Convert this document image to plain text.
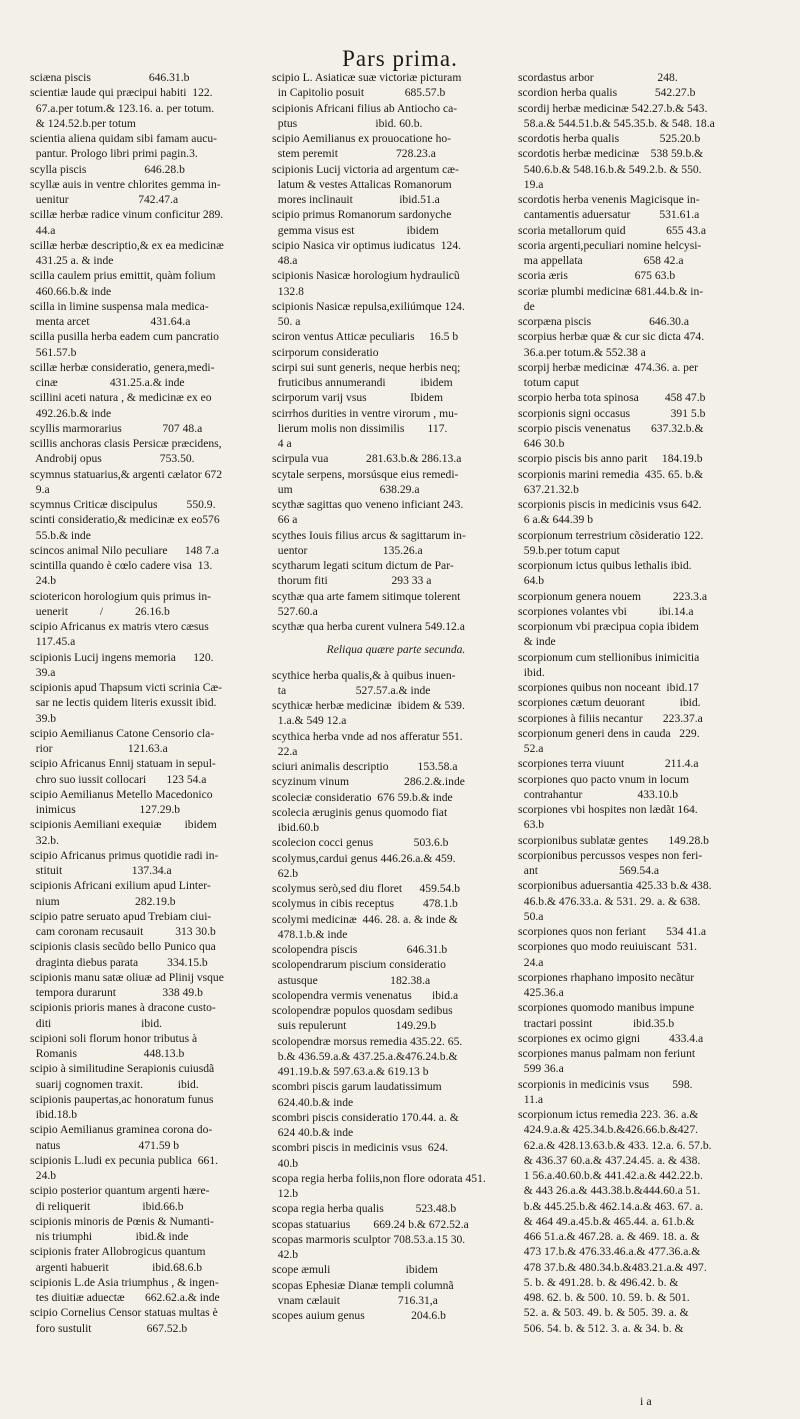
Pars prima.
sciæna piscis                    646.31.b
scientiæ laude qui præcipui habiti  122.
67.a.per totum.& 123.16. a. per totum.
& 124.52.b.per totum
scientia aliena quidam sibi famam aucu-
pantur. Prologo libri primi pagin.3.
scylla piscis                    646.28.b
scyllæ auis in ventre chlorites gemma in-
uenitur                        742.47.a
scillæ herbæ radice vinum conficitur 289.
44.a
scillæ herbæ descriptio,& ex ea medicinæ
431.25 a. & inde
scilla caulem prius emittit, quàm folium
460.66.b.& inde
scilla in limine suspensa mala medica-
menta arcet                     431.64.a
scilla pusilla herba eadem cum pancratio
561.57.b
scillæ herbæ consideratio, genera,medi-
cinæ                  431.25.a.& inde
scillini aceti natura , & medicinæ ex eo
492.26.b.& inde
scyllis marmorarius              707 48.a
scillis anchoras clasis Persicæ præcidens,
Androbij opus                    753.50.
scymnus statuarius,& argenti cælator 672
9.a
scymnus Criticæ discipulus          550.9.
scinti consideratio,& medicinæ ex eo576
55.b.& inde
scincos animal Nilo peculiare      148 7.a
scintilla quando è cœlo cadere visa  13.
24.b
sciotericon horologium quis primus in-
uenerit           /           26.16.b
scipio Africanus ex matris vtero cæsus
117.45.a
scipionis Lucij ingens memoria      120.
39.a
scipionis apud Thapsum victi scrinia Cæ-
sar ne lectis quidem literis exussit ibid.
39.b
scipio Aemilianus Catone Censorio cla-
rior                          121.63.a
scipio Africanus Ennij statuam in sepul-
chro suo iussit collocari       123 54.a
scipio Aemilianus Metello Macedonico
inimicus                      127.29.b
scipionis Aemiliani exequiæ        ibidem
32.b.
scipio Africanus primus quotidie radi in-
stituit                        137.34.a
scipionis Africani exilium apud Linter-
nium                          282.19.b
scipio patre seruato apud Trebiam ciui-
cam coronam recusauit           313 30.b
scipionis clasis secũdo bello Punico qua
draginta diebus parata          334.15.b
scipionis manu satæ oliuæ ad Plinij vsque
tempora durarunt                338 49.b
scipionis prioris manes à dracone custo-
diti                               ibid.
scipioni soli florum honor tributus à
Romanis                       448.13.b
scipio à similitudine Serapionis cuiusdã
suarij cognomen traxit.            ibid.
scipionis paupertas,ac honoratum funus
ibid.18.b
scipio Aemilianus graminea corona do-
natus                           471.59 b
scipionis L.ludi ex pecunia publica  661.
24.b
scipio posterior quantum argenti hære-
di reliquerit                  ibid.66.b
scipionis minoris de Pœnis & Numanti-
nis triumphi               ibid.& inde
scipionis frater Allobrogicus quantum
argenti habuerit               ibid.68.6.b
scipionis L.de Asia triumphus , & ingen-
tes diuitiæ aduectæ       662.62.a.& inde
scipio Cornelius Censor statuas multas è
foro sustulit                   667.52.b
scipio L. Asiaticæ suæ victoriæ picturam
in Capitolio posuit              685.57.b
scipionis Africani filius ab Antiocho ca-
ptus                           ibid. 60.b.
scipio Aemilianus ex prouocatione ho-
stem peremit                    728.23.a
scipionis Lucij victoria ad argentum cæ-
latum & vestes Attalicas Romanorum
mores inclinauit                ibid.51.a
scipio primus Romanorum sardonyche
gemma visus est                  ibidem
scipio Nasica vir optimus iudicatus  124.
48.a
scipionis Nasicæ horologium hydraulicũ
132.8
scipionis Nasicæ repulsa,exiliúmque 124.
50. a
sciron ventus Atticæ peculiaris     16.5 b
scirporum consideratio
scirpi sui sunt generis, neque herbis neq;
fruticibus annumerandi            ibidem
scirporum varij vsus               Ibidem
scirrhos durities in ventre virorum , mu-
lierum molis non dissimilis        117.
4 a
scirpula vua             281.63.b.& 286.13.a
scytale serpens, morsúsque eius remedi-
um                              638.29.a
scythæ sagittas quo veneno inficiant 243.
66 a
scythes Iouis filius arcus & sagittarum in-
uentor                          135.26.a
scytharum legati scitum dictum de Par-
thorum fiti                      293 33 a
scythæ qua arte famem sitimque tolerent
527.60.a
scythæ qua herba curent vulnera 549.12.a
Reliqua quære parte secunda.
scythice herba qualis,& à quibus inuen-
ta                        527.57.a.& inde
scythicæ herbæ medicinæ  ibidem & 539.
1.a.& 549 12.a
scythica herba vnde ad nos afferatur 551.
22.a
sciuri animalis descriptio          153.58.a
scyzinum vinum                   286.2.&.inde
scoleciæ consideratio  676 59.b.& inde
scolecia æruginis genus quomodo fiat
ibid.60.b
scolecion cocci genus              503.6.b
scolymus,cardui genus 446.26.a.& 459.
62.b
scolymus serò,sed diu floret      459.54.b
scolymus in cibis receptus          478.1.b
scolymi medicinæ  446. 28. a. & inde &
478.1.b.& inde
scolopendra piscis                 646.31.b
scolopendrarum piscium consideratio
astusque                         182.38.a
scolopendra vermis venenatus       ibid.a
scolopendræ populos quosdam sedibus
suis repulerunt                 149.29.b
scolopendræ morsus remedia 435.22. 65.
b.& 436.59.a.& 437.25.a.&476.24.b.&
491.19.b.& 597.63.a.& 619.13 b
scombri piscis garum laudatissimum
624.40.b.& inde
scombri piscis consideratio 170.44. a. &
624 40.b.& inde
scombri piscis in medicinis vsus  624.
40.b
scopa regia herba foliis,non flore odorata 451.
12.b
scopa regia herba qualis           523.48.b
scopas statuarius        669.24 b.& 672.52.a
scopas marmoris sculptor 708.53.a.15 30.
42.b
scope æmuli                          ibidem
scopas Ephesiæ Dianæ templi columnã
vnam cælauit                    716.31,a
scopes auium genus                204.6.b
scordastus arbor                      248.
scordion herba qualis             542.27.b
scordij herbæ medicinæ 542.27.b.& 543.
58.a.& 544.51.b.& 545.35.b. & 548. 18.a
scordotis herba qualis              525.20.b
scordotis herbæ medicinæ    538 59.b.&
540.6.b.& 548.16.b.& 549.2.b. & 550.
19.a
scordotis herba venenis Magicisque in-
cantamentis aduersatur          531.61.a
scoria metallorum quid              655 43.a
scoria argenti,peculiari nomine helcysi-
ma appellata                     658 42.a
scoria æris                       675 63.b
scoriæ plumbi medicinæ 681.44.b.& in-
de
scorpæna piscis                    646.30.a
scorpius herbæ quæ & cur sic dicta 474.
36.a.per totum.& 552.38 a
scorpij herbæ medicinæ  474.36. a. per
totum caput
scorpio herba tota spinosa         458 47.b
scorpionis signi occasus              391 5.b
scorpio piscis venenatus       637.32.b.&
646 30.b
scorpio piscis bis anno parit     184.19.b
scorpionis marini remedia  435. 65. b.&
637.21.32.b
scorpionis piscis in medicinis vsus 642.
6 a.& 644.39 b
scorpionum terrestrium cõsideratio 122.
59.b.per totum caput
scorpionum ictus quibus lethalis ibid.
64.b
scorpionum genera nouem           223.3.a
scorpiones volantes vbi           ibi.14.a
scorpionum vbi præcipua copia ibidem
& inde
scorpionum cum stellionibus inimicitia
ibid.
scorpiones quibus non noceant  ibid.17
scorpiones cætum deuorant            ibid.
scorpiones à filiis necantur       223.37.a
scorpionum generi dens in cauda   229.
52.a
scorpiones terra viuunt              211.4.a
scorpiones quo pacto vnum in locum
contrahantur                   433.10.b
scorpiones vbi hospites non lædãt 164.
63.b
scorpionibus sublatæ gentes       149.28.b
scorpionibus percussos vespes non feri-
ant                            569.54.a
scorpionibus aduersantia 425.33 b.& 438.
46.b.& 476.33.a. & 531. 29. a. & 638.
50.a
scorpiones quos non feriant       534 41.a
scorpiones quo modo reuiuiscant  531.
24.a
scorpiones rhaphano imposito necãtur
425.36.a
scorpiones quomodo manibus impune
tractari possint              ibid.35.b
scorpiones ex ocimo gigni          433.4.a
scorpiones manus palmam non feriunt
599 36.a
scorpionis in medicinis vsus        598.
11.a
scorpionum ictus remedia 223. 36. a.&
424.9.a.& 425.34.b.&426.66.b.&427.
62.a.& 428.13.63.b.& 433. 12.a. 6. 57.b.
& 436.37 60.a.& 437.24.45. a. & 438.
1 56.a.40.60.b.& 441.42.a.& 442.22.b.
& 443 26.a.& 443.38.b.&444.60.a 51.
b.& 445.25.b.& 462.14.a.& 463. 67. a.
& 464 49.a.45.b.& 465.44. a. 61.b.&
466 51.a.& 467.28. a. & 469. 18. a. &
473 17.b.& 476.33.46.a.& 477.36.a.&
478 37.b.& 480.34.b.&483.21.a.& 497.
5. b. & 491.28. b. & 496.42. b. &
498. 62. b. & 500. 10. 59. b. & 501.
52. a. & 503. 49. b. & 505. 39. a. &
506. 54. b. & 512. 3. a. & 34. b. &
i a
